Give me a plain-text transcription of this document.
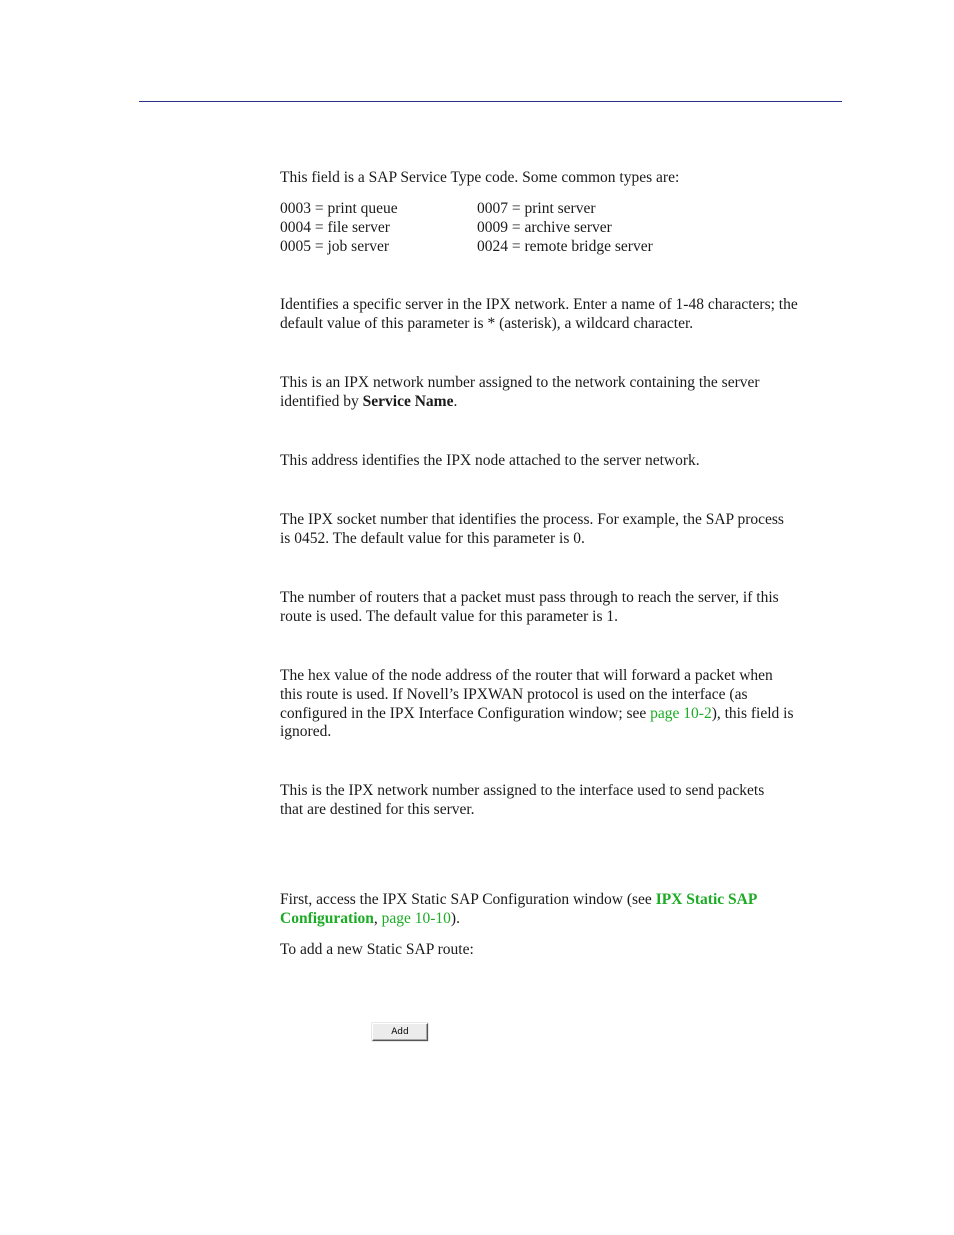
This field is a SAP Service Type code. Some common types are:

0003 = print queue
0004 = file server
0005 = job server
0007 = print server
0009 = archive server
0024 = remote bridge server

Identifies a specific server in the IPX network. Enter a name of 1-48 characters; the
default value of this parameter is * (asterisk), a wildcard character.

This is an IPX network number assigned to the network containing the server
identified by Service Name.

This address identifies the IPX node attached to the server network.

The IPX socket number that identifies the process. For example, the SAP process
is 0452. The default value for this parameter is 0.

The number of routers that a packet must pass through to reach the server, if this
route is used. The default value for this parameter is 1.

The hex value of the node address of the router that will forward a packet when
this route is used. If Novell’s IPXWAN protocol is used on the interface (as
configured in the IPX Interface Configuration window; see page 10-2), this field is
ignored.

This is the IPX network number assigned to the interface used to send packets
that are destined for this server.

First, access the IPX Static SAP Configuration window (see IPX Static SAP
Configuration, page 10-10).

To add a new Static SAP route:

Add
